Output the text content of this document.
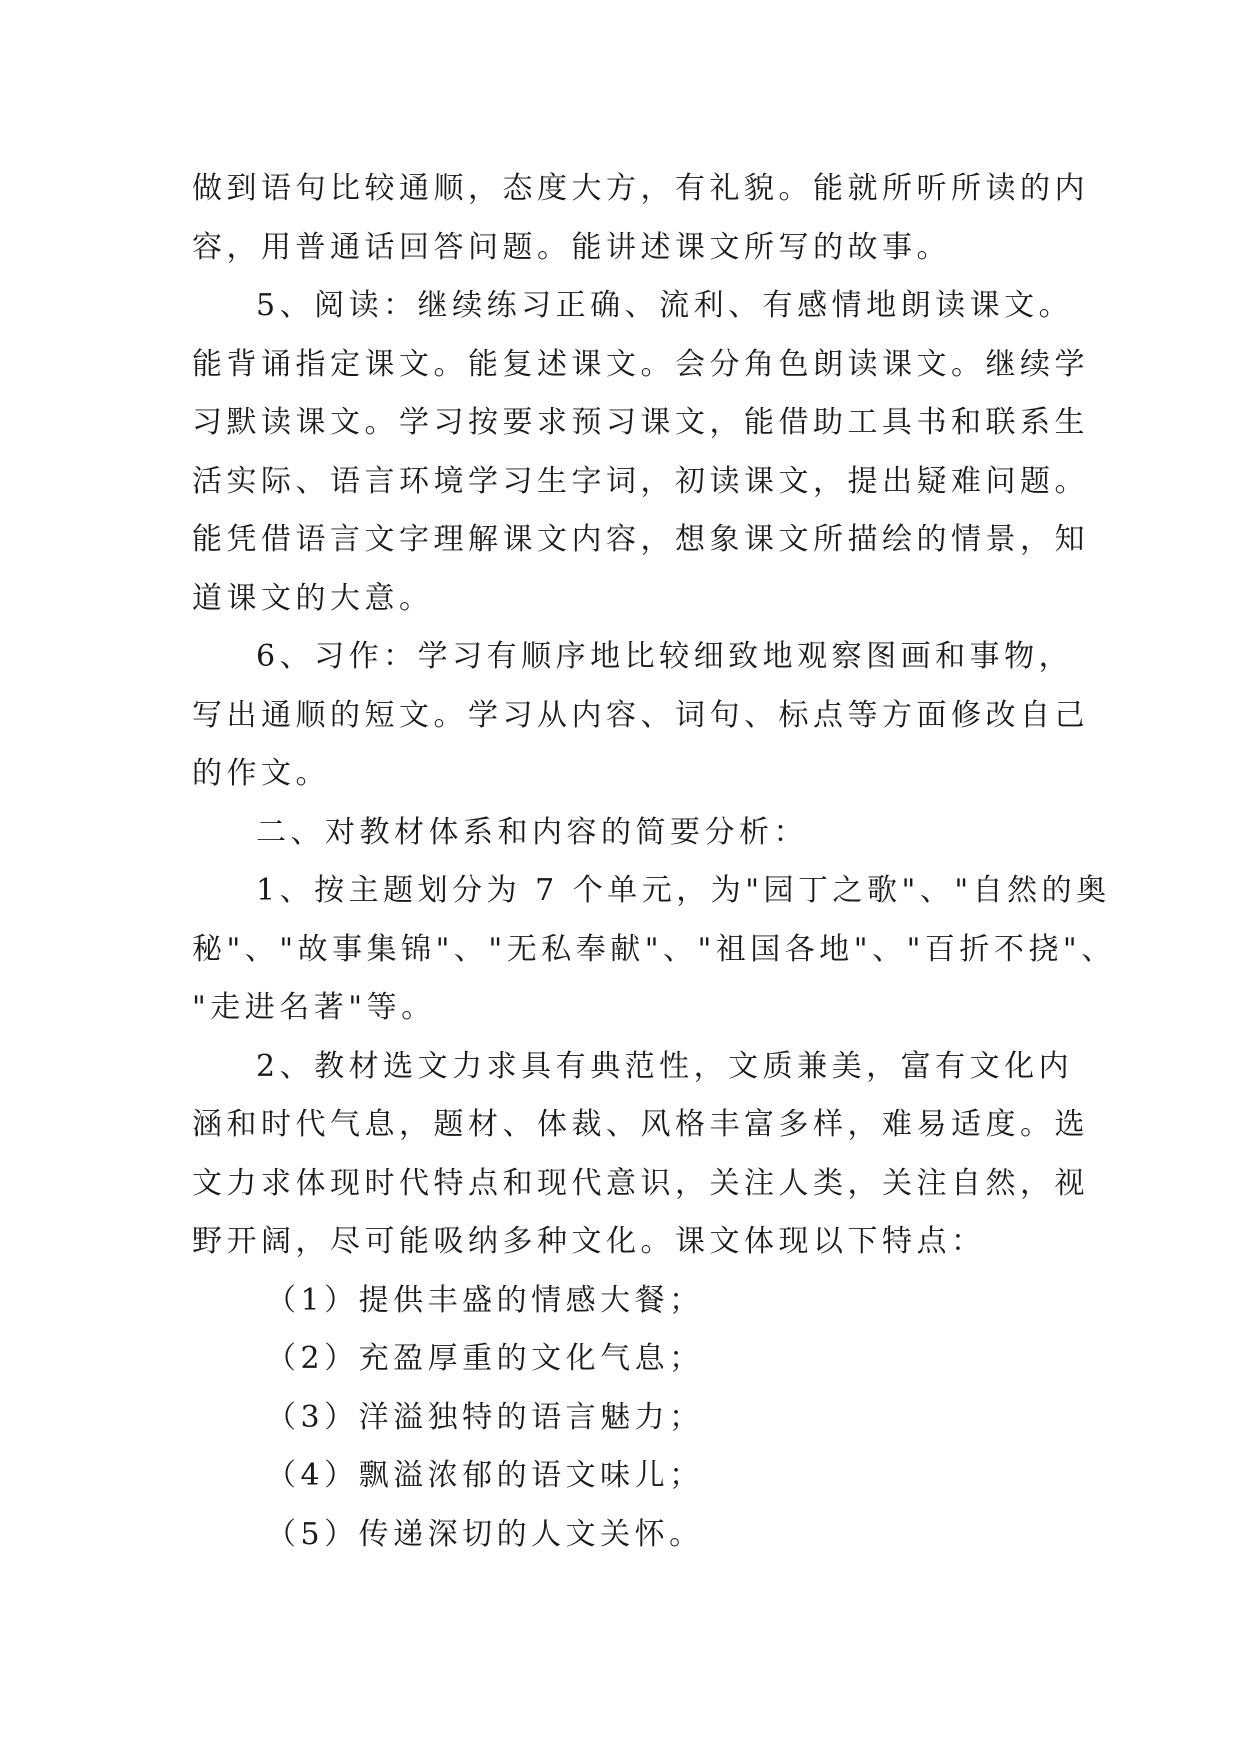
做到语句比较通顺，态度大方，有礼貌。能就所听所读的内
容，用普通话回答问题。能讲述课文所写的故事。
5、阅读：继续练习正确、流利、有感情地朗读课文。
能背诵指定课文。能复述课文。会分角色朗读课文。继续学
习默读课文。学习按要求预习课文，能借助工具书和联系生
活实际、语言环境学习生字词，初读课文，提出疑难问题。
能凭借语言文字理解课文内容，想象课文所描绘的情景，知
道课文的大意。
6、习作：学习有顺序地比较细致地观察图画和事物，
写出通顺的短文。学习从内容、词句、标点等方面修改自己
的作文。
二、对教材体系和内容的简要分析：
1、按主题划分为 7 个单元，为"园丁之歌"、"自然的奥
秘"、"故事集锦"、"无私奉献"、"祖国各地"、"百折不挠"、
"走进名著"等。
2、教材选文力求具有典范性，文质兼美，富有文化内
涵和时代气息，题材、体裁、风格丰富多样，难易适度。选
文力求体现时代特点和现代意识，关注人类，关注自然，视
野开阔，尽可能吸纳多种文化。课文体现以下特点：
（1）提供丰盛的情感大餐；
（2）充盈厚重的文化气息；
（3）洋溢独特的语言魅力；
（4）飘溢浓郁的语文味儿；
（5）传递深切的人文关怀。
